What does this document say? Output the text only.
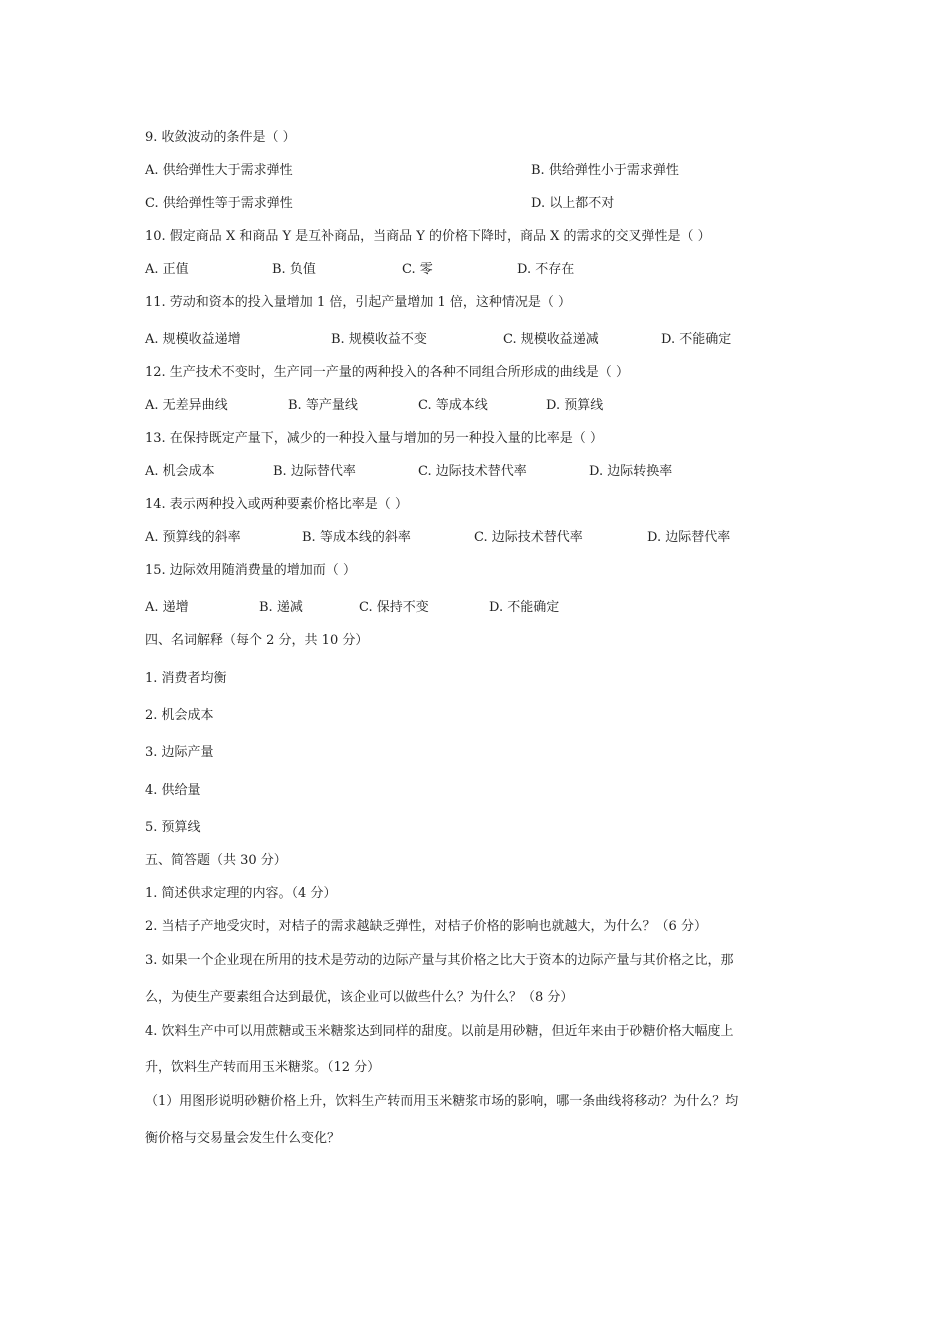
9. 收敛波动的条件是（ ）
A. 供给弹性大于需求弹性	B. 供给弹性小于需求弹性
C. 供给弹性等于需求弹性	D. 以上都不对
10. 假定商品 X 和商品 Y 是互补商品，当商品 Y 的价格下降时，商品 X 的需求的交叉弹性是（ ）
A. 正值	B. 负值	C. 零	D. 不存在
11. 劳动和资本的投入量增加 1 倍，引起产量增加 1 倍，这种情况是（ ）
A. 规模收益递增	B. 规模收益不变	C. 规模收益递减	D. 不能确定
12. 生产技术不变时，生产同一产量的两种投入的各种不同组合所形成的曲线是（ ）
A. 无差异曲线	B. 等产量线	C. 等成本线	D. 预算线
13. 在保持既定产量下，减少的一种投入量与增加的另一种投入量的比率是（ ）
A. 机会成本	B. 边际替代率	C. 边际技术替代率	D. 边际转换率
14. 表示两种投入或两种要素价格比率是（ ）
A. 预算线的斜率	B. 等成本线的斜率	C. 边际技术替代率	D. 边际替代率
15. 边际效用随消费量的增加而（ ）
A. 递增	B. 递减	C. 保持不变	D. 不能确定
四、名词解释（每个 2 分，共 10 分）
1. 消费者均衡
2. 机会成本
3. 边际产量
4. 供给量
5. 预算线
五、简答题（共 30 分）
1. 简述供求定理的内容。（4 分）
2. 当桔子产地受灾时，对桔子的需求越缺乏弹性，对桔子价格的影响也就越大，为什么？（6 分）
3. 如果一个企业现在所用的技术是劳动的边际产量与其价格之比大于资本的边际产量与其价格之比，那
么，为使生产要素组合达到最优，该企业可以做些什么？为什么？（8 分）
4. 饮料生产中可以用蔗糖或玉米糖浆达到同样的甜度。以前是用砂糖，但近年来由于砂糖价格大幅度上
升，饮料生产转而用玉米糖浆。（12 分）
（1）用图形说明砂糖价格上升，饮料生产转而用玉米糖浆市场的影响，哪一条曲线将移动？为什么？均
衡价格与交易量会发生什么变化？
